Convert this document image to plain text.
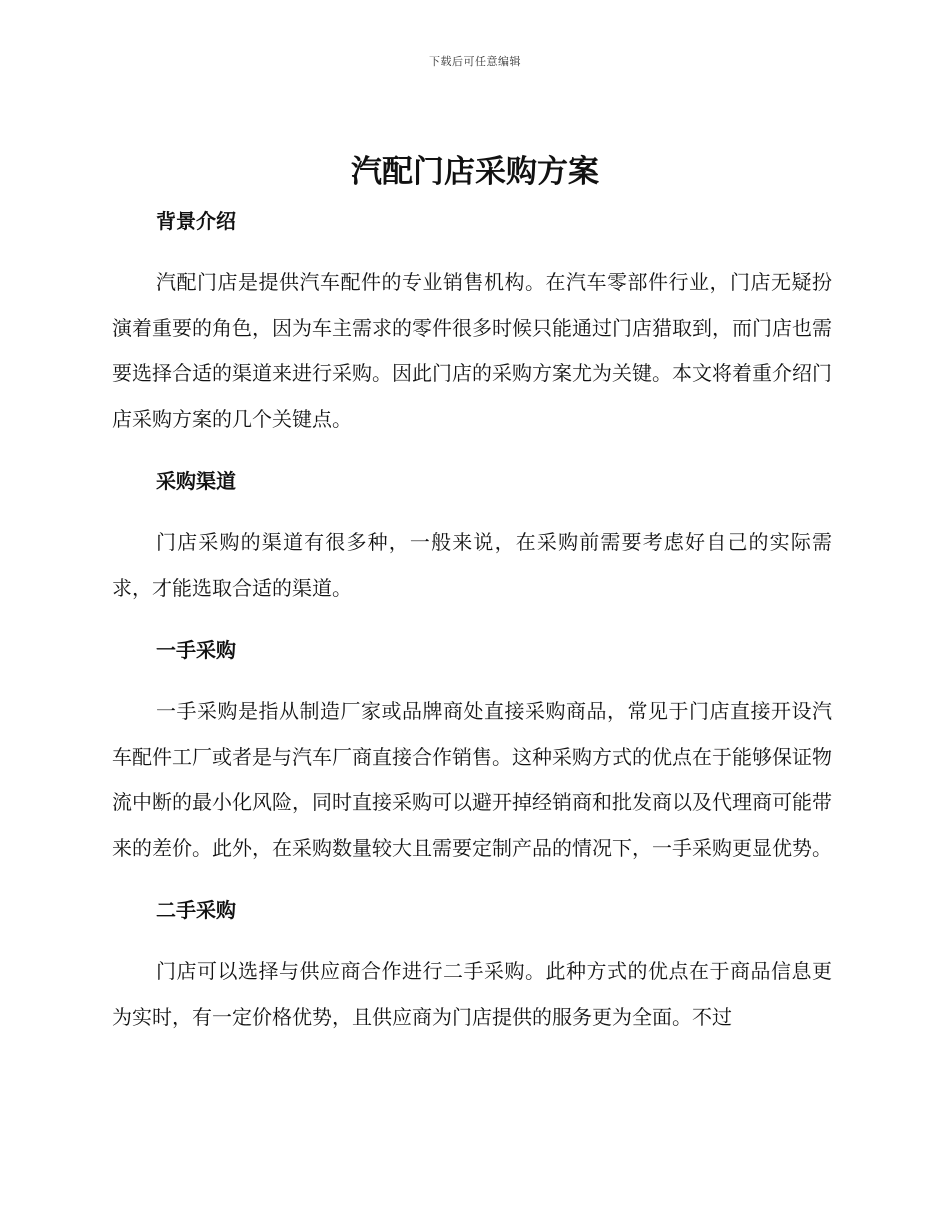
下载后可任意编辑
汽配门店采购方案
背景介绍

汽配门店是提供汽车配件的专业销售机构。在汽车零部件行业，门店无疑扮演着重要的角色，因为车主需求的零件很多时候只能通过门店猎取到，而门店也需要选择合适的渠道来进行采购。因此门店的采购方案尤为关键。本文将着重介绍门店采购方案的几个关键点。

采购渠道

门店采购的渠道有很多种，一般来说，在采购前需要考虑好自己的实际需求，才能选取合适的渠道。

一手采购

一手采购是指从制造厂家或品牌商处直接采购商品，常见于门店直接开设汽车配件工厂或者是与汽车厂商直接合作销售。这种采购方式的优点在于能够保证物流中断的最小化风险，同时直接采购可以避开掉经销商和批发商以及代理商可能带来的差价。此外，在采购数量较大且需要定制产品的情况下，一手采购更显优势。

二手采购

门店可以选择与供应商合作进行二手采购。此种方式的优点在于商品信息更为实时，有一定价格优势，且供应商为门店提供的服务更为全面。不过
